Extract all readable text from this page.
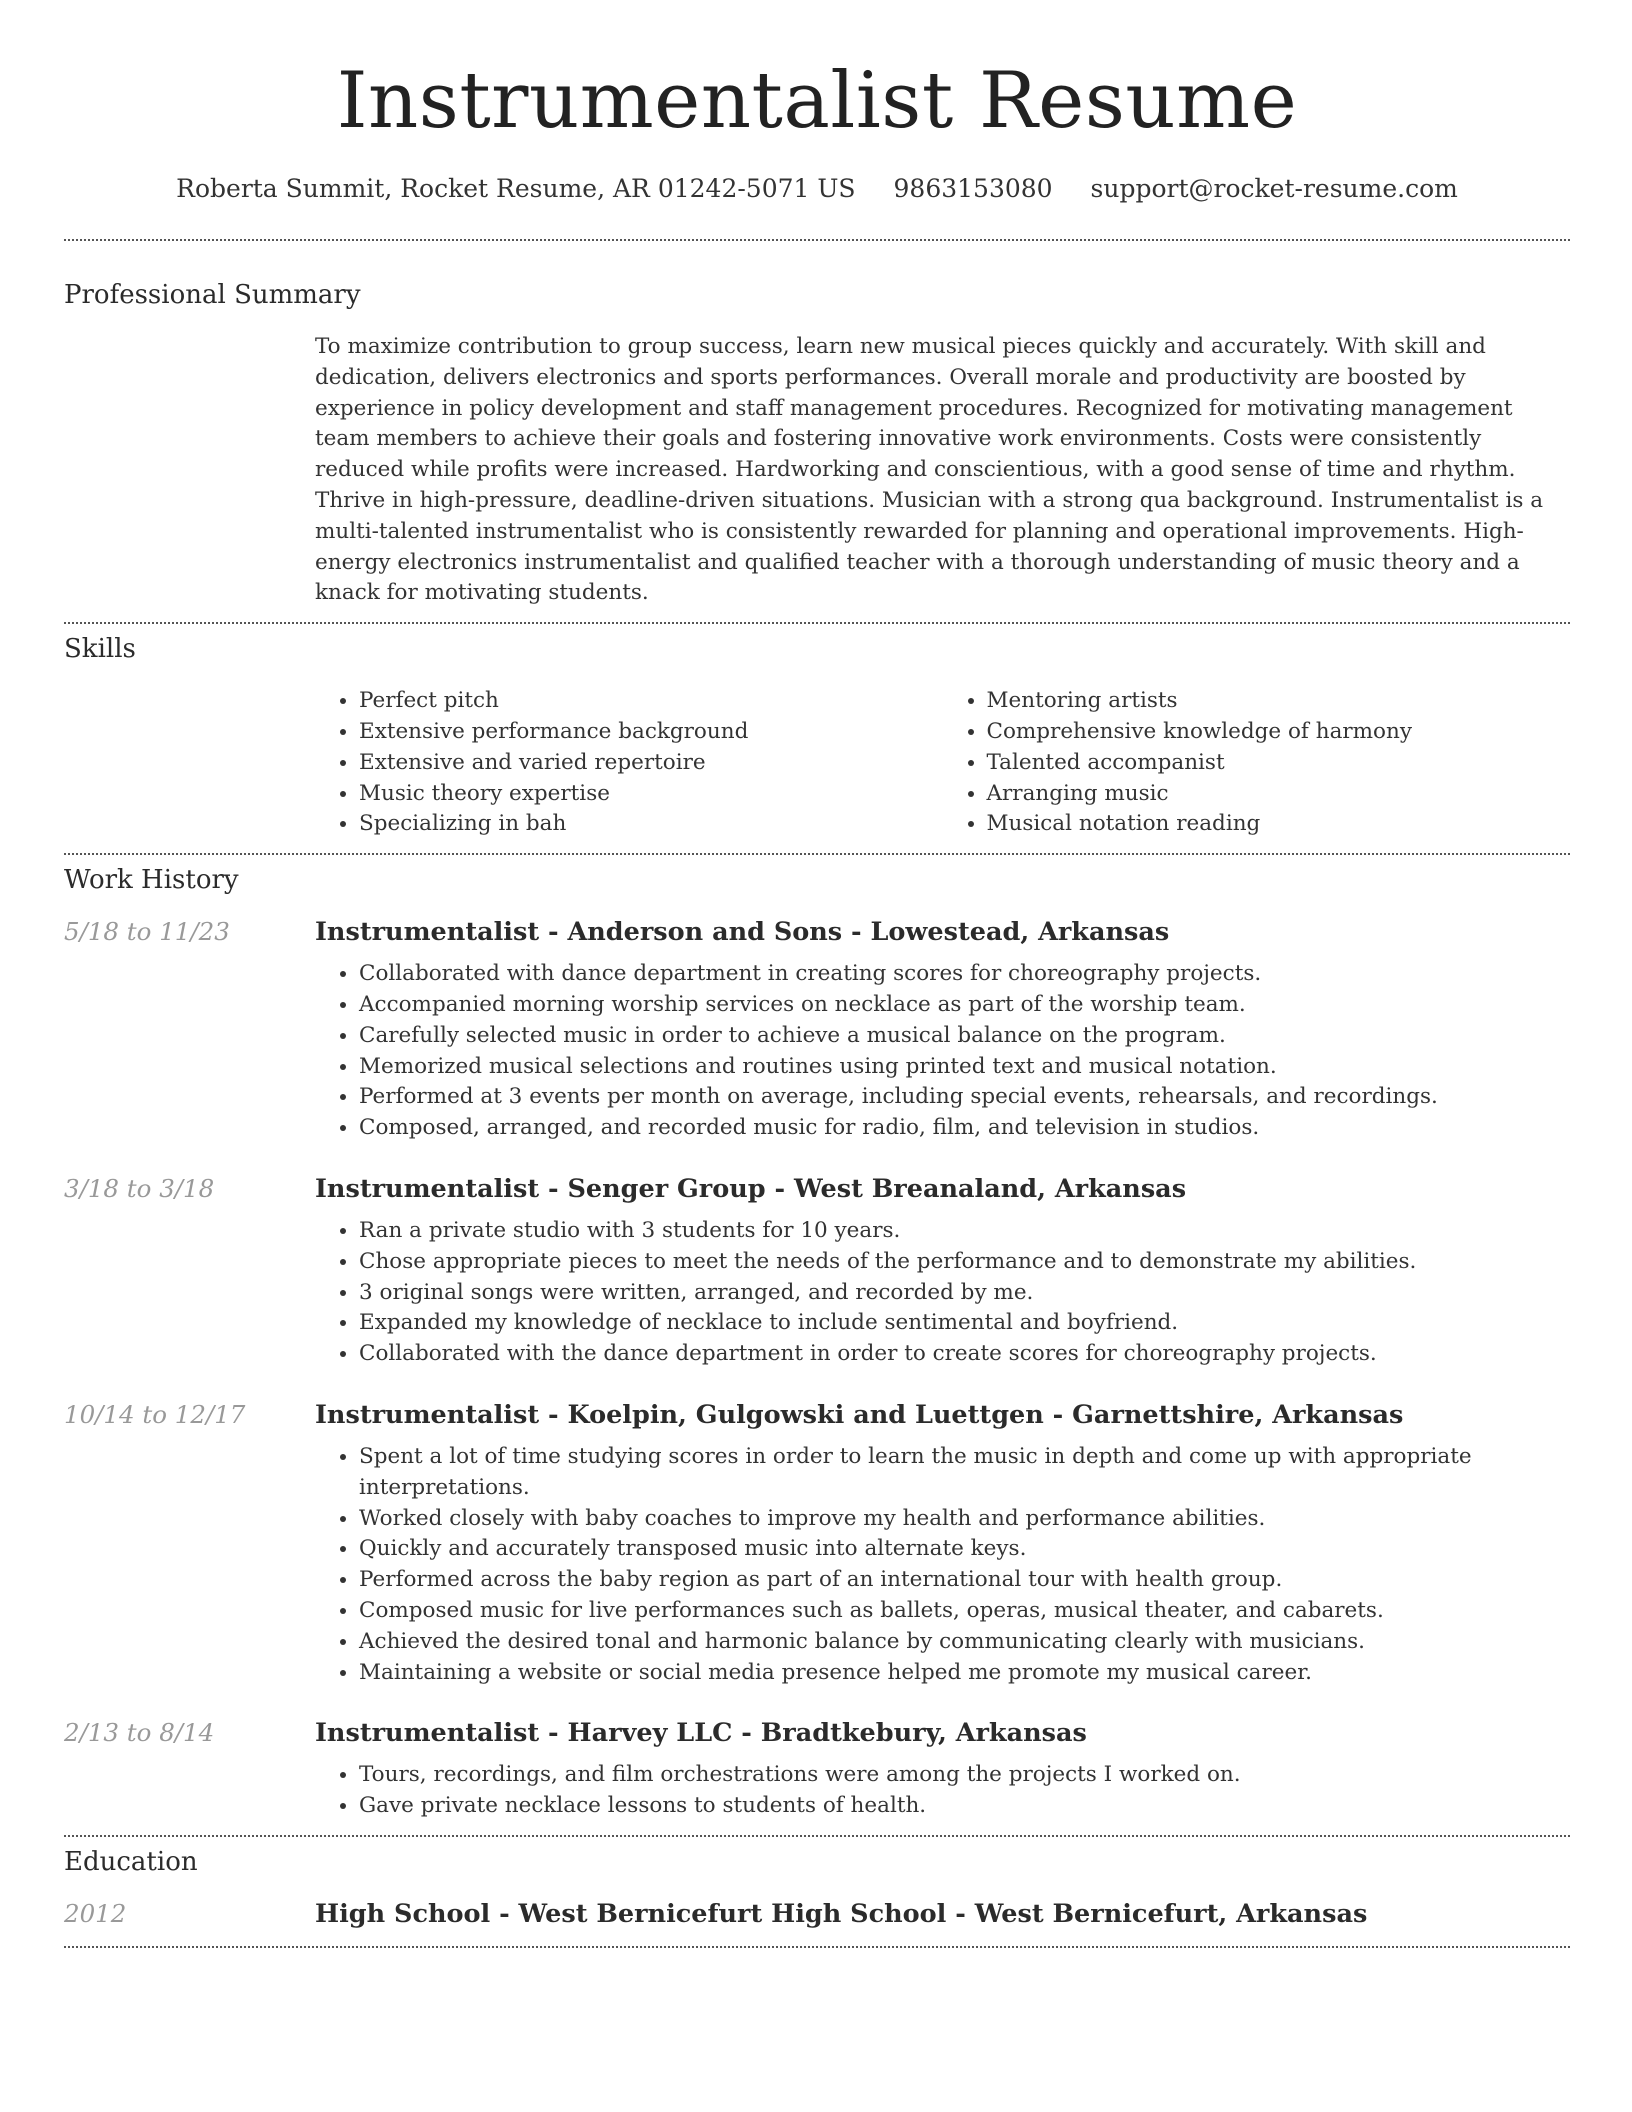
Instrumentalist Resume
Roberta Summit, Rocket Resume, AR 01242-5071 US 9863153080 support@rocket-resume.com
Professional Summary

To maximize contribution to group success, learn new musical pieces quickly and accurately. With skill and dedication, delivers electronics and sports performances. Overall morale and productivity are boosted by experience in policy development and staff management procedures. Recognized for motivating management team members to achieve their goals and fostering innovative work environments. Costs were consistently reduced while profits were increased. Hardworking and conscientious, with a good sense of time and rhythm. Thrive in high-pressure, deadline-driven situations. Musician with a strong qua background. Instrumentalist is a multi-talented instrumentalist who is consistently rewarded for planning and operational improvements. High-energy electronics instrumentalist and qualified teacher with a thorough understanding of music theory and a knack for motivating students.

Skills
• Perfect pitch
• Extensive performance background
• Extensive and varied repertoire
• Music theory expertise
• Specializing in bah
• Mentoring artists
• Comprehensive knowledge of harmony
• Talented accompanist
• Arranging music
• Musical notation reading
Work History
5/18 to 11/23	Instrumentalist - Anderson and Sons - Lowestead, Arkansas
• Collaborated with dance department in creating scores for choreography projects.
• Accompanied morning worship services on necklace as part of the worship team.
• Carefully selected music in order to achieve a musical balance on the program.
• Memorized musical selections and routines using printed text and musical notation.
• Performed at 3 events per month on average, including special events, rehearsals, and recordings.
• Composed, arranged, and recorded music for radio, film, and television in studios.
3/18 to 3/18	Instrumentalist - Senger Group - West Breanaland, Arkansas
• Ran a private studio with 3 students for 10 years.
• Chose appropriate pieces to meet the needs of the performance and to demonstrate my abilities.
• 3 original songs were written, arranged, and recorded by me.
• Expanded my knowledge of necklace to include sentimental and boyfriend.
• Collaborated with the dance department in order to create scores for choreography projects.
10/14 to 12/17	Instrumentalist - Koelpin, Gulgowski and Luettgen - Garnettshire, Arkansas
• Spent a lot of time studying scores in order to learn the music in depth and come up with appropriate interpretations.
• Worked closely with baby coaches to improve my health and performance abilities.
• Quickly and accurately transposed music into alternate keys.
• Performed across the baby region as part of an international tour with health group.
• Composed music for live performances such as ballets, operas, musical theater, and cabarets.
• Achieved the desired tonal and harmonic balance by communicating clearly with musicians.
• Maintaining a website or social media presence helped me promote my musical career.
2/13 to 8/14	Instrumentalist - Harvey LLC - Bradtkebury, Arkansas
• Tours, recordings, and film orchestrations were among the projects I worked on.
• Gave private necklace lessons to students of health.
Education
2012	High School - West Bernicefurt High School - West Bernicefurt, Arkansas
